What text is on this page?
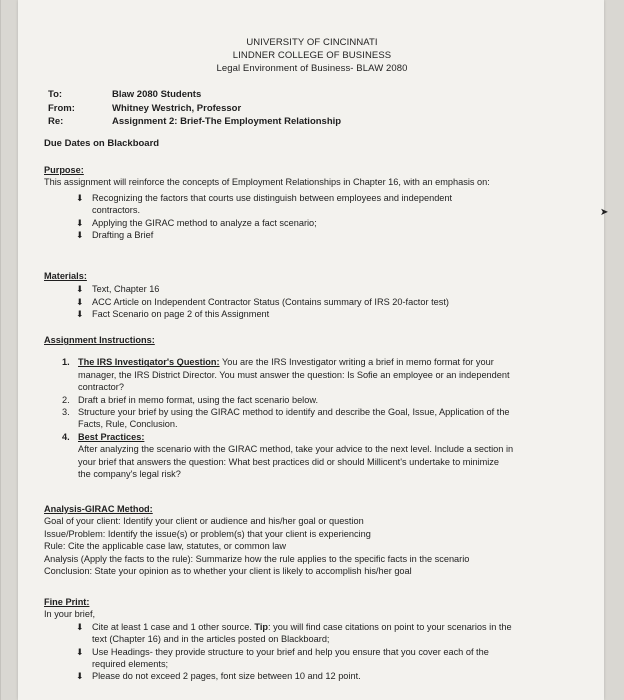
UNIVERSITY OF CINCINNATI
LINDNER COLLEGE OF BUSINESS
Legal Environment of Business- BLAW 2080
To:	Blaw 2080 Students
From:	Whitney Westrich, Professor
Re:	Assignment 2: Brief-The Employment Relationship
Due Dates on Blackboard
Purpose:
This assignment will reinforce the concepts of Employment Relationships in Chapter 16, with an emphasis on:
⬇ Recognizing the factors that courts use distinguish between employees and independent contractors.
⬇ Applying the GIRAC method to analyze a fact scenario;
⬇ Drafting a Brief
Materials:
⬇ Text, Chapter 16
⬇ ACC Article on Independent Contractor Status (Contains summary of IRS 20-factor test)
⬇ Fact Scenario on page 2 of this Assignment
Assignment Instructions:
1. The IRS Investigator's Question: You are the IRS Investigator writing a brief in memo format for your manager, the IRS District Director. You must answer the question: Is Sofie an employee or an independent contractor?
2. Draft a brief in memo format, using the fact scenario below.
3. Structure your brief by using the GIRAC method to identify and describe the Goal, Issue, Application of the Facts, Rule, Conclusion.
4. Best Practices:
After analyzing the scenario with the GIRAC method, take your advice to the next level. Include a section in your brief that answers the question: What best practices did or should Millicent's undertake to minimize the company's legal risk?
Analysis-GIRAC Method:
Goal of your client: Identify your client or audience and his/her goal or question
Issue/Problem: Identify the issue(s) or problem(s) that your client is experiencing
Rule: Cite the applicable case law, statutes, or common law
Analysis (Apply the facts to the rule): Summarize how the rule applies to the specific facts in the scenario
Conclusion: State your opinion as to whether your client is likely to accomplish his/her goal
Fine Print:
In your brief,
⬇ Cite at least 1 case and 1 other source. Tip: you will find case citations on point to your scenarios in the text (Chapter 16) and in the articles posted on Blackboard;
⬇ Use Headings- they provide structure to your brief and help you ensure that you cover each of the required elements;
⬇ Please do not exceed 2 pages, font size between 10 and 12 point.
➤
